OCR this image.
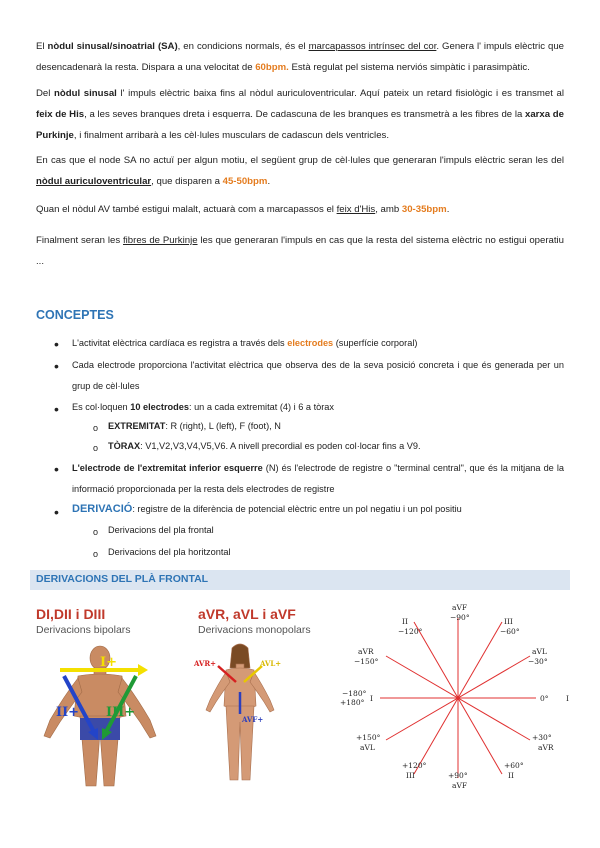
El nòdul sinusal/sinoatrial (SA), en condicions normals, és el marcapassos intrínsec del cor. Genera l' impuls elèctric que desencadenarà la resta. Dispara a una velocitat de 60bpm. Està regulat pel sistema nerviós simpàtic i parasimpàtic.

Del nòdul sinusal l' impuls elèctric baixa fins al nòdul auriculoventricular. Aquí pateix un retard fisiològic i es transmet al feix de His, a les seves branques dreta i esquerra. De cadascuna de les branques es transmetrà a les fibres de la xarxa de Purkinje, i finalment arribarà a les cèl·lules musculars de cadascun dels ventricles.

En cas que el node SA no actuï per algun motiu, el següent grup de cèl·lules que generaran l'impuls elèctric seran les del nòdul auriculoventricular, que disparen a 45-50bpm.

Quan el nòdul AV també estigui malalt, actuarà com a marcapassos el feix d'His, amb 30-35bpm.

Finalment seran les fibres de Purkinje les que generaran l'impuls en cas que la resta del sistema elèctric no estigui operatiu ...

CONCEPTES
• L'activitat elèctrica cardíaca es registra a través dels electrodes (superfície corporal)

• Cada electrode proporciona l'activitat elèctrica que observa des de la seva posició concreta i que és generada per un grup de cèl·lules

• Es col·loquen 10 electrodes: un a cada extremitat (4) i 6 a tòrax

o EXTREMITAT: R (right), L (left), F (foot), N

o TÒRAX: V1,V2,V3,V4,V5,V6. A nivell precordial es poden col·locar fins a V9.

• L'electrode de l'extremitat inferior esquerre (N) és l'electrode de registre o "terminal central", que és la mitjana de la informació proporcionada per la resta dels electrodes de registre

• DERIVACIÓ: registre de la diferència de potencial elèctric entre un pol negatiu i un pol positiu

o Derivacions del pla frontal

o Derivacions del pla horitzontal

DERIVACIONS DEL PLÀ FRONTAL
DI,DII i DIII
Derivacions bipolars
I+
II+ III+
aVR, aVL i aVF
Derivacions monopolars
AVR+	AVL+
AVF+
aVF
−90°
II
−120°
III
−60°
aVR
−150°
aVL
−30°
−180°
+180° I	0° I
+150°
aVL
+30°
aVR
+120°
III
+60°
II
+90°
aVF
